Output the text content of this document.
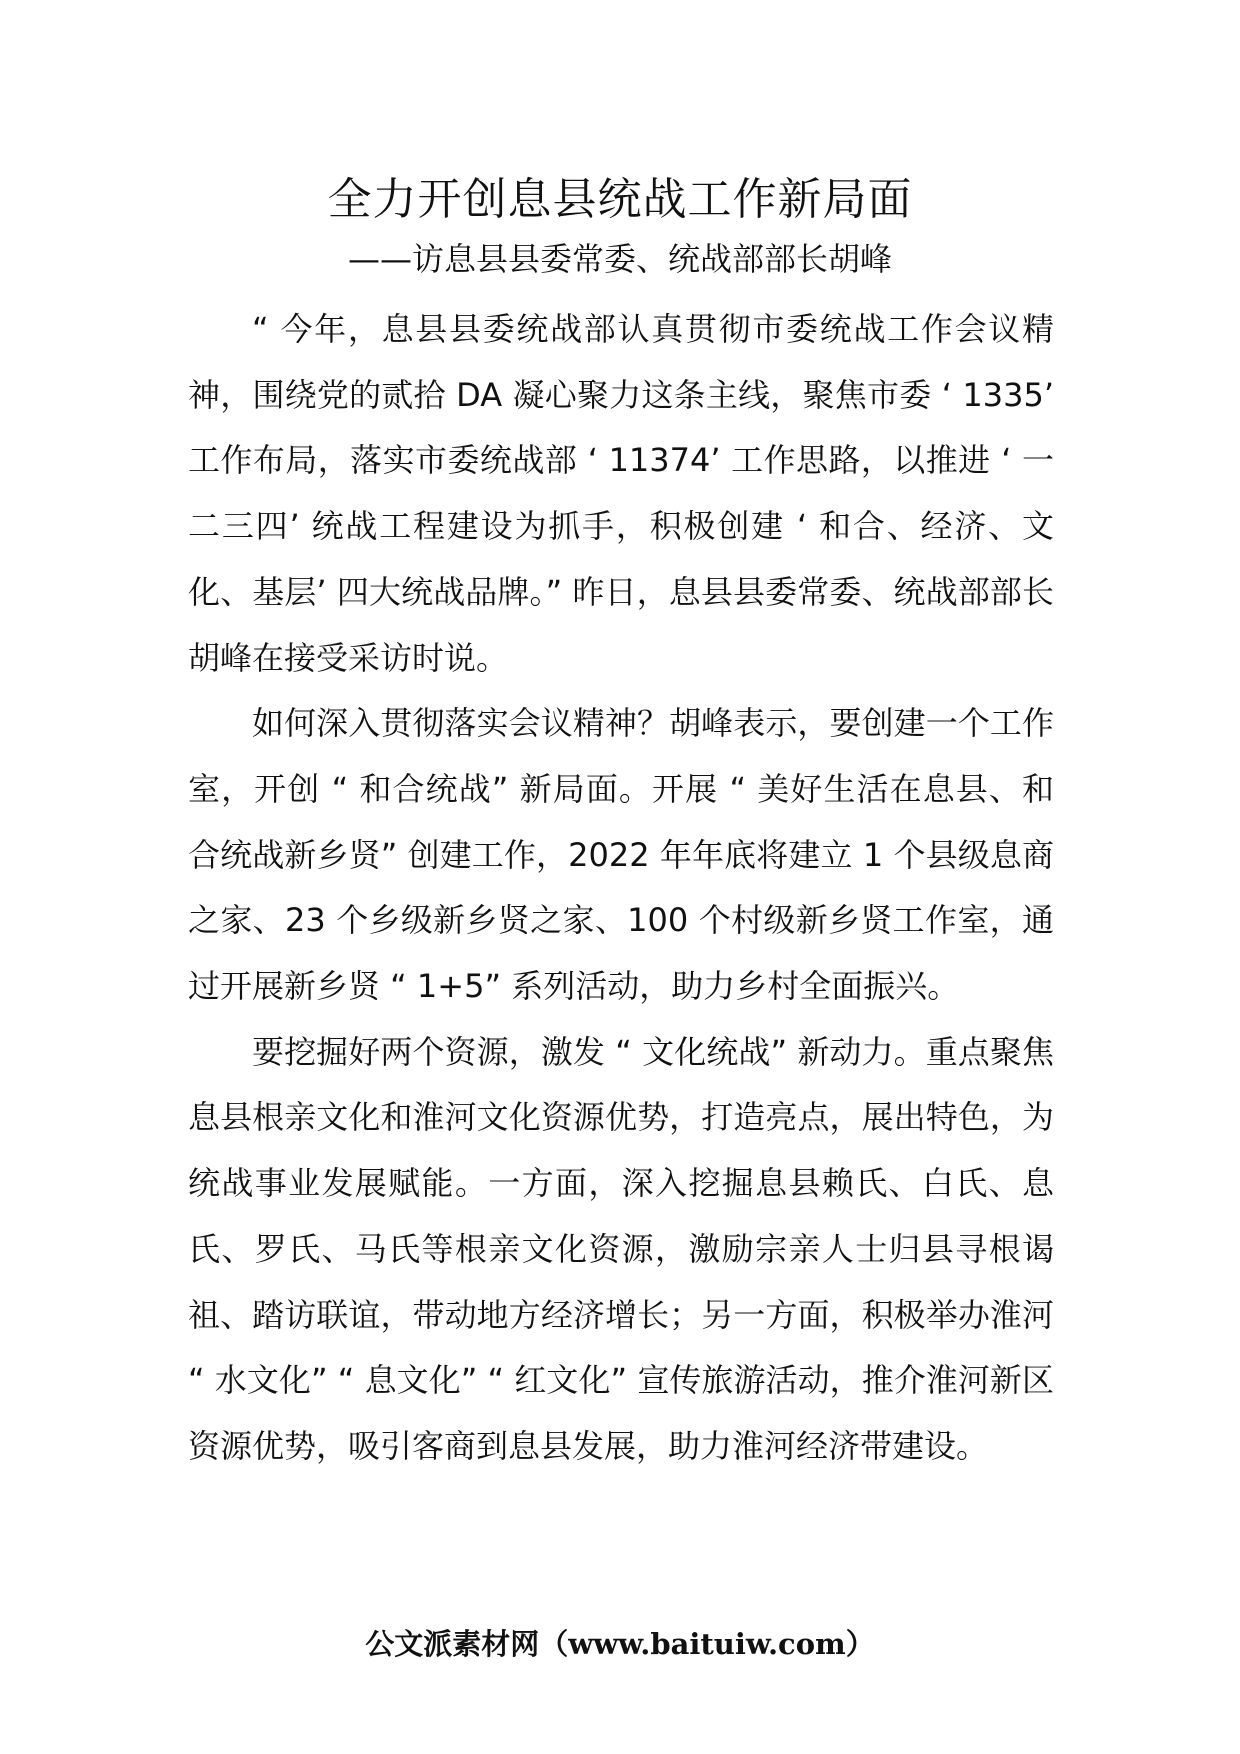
全力开创息县统战工作新局面
——访息县县委常委、统战部部长胡峰

“ 今年，息县县委统战部认真贯彻市委统战工作会议精神，围绕党的贰拾 DA 凝心聚力这条主线，聚焦市委 ‘ 1335’ 工作布局，落实市委统战部 ‘ 11374’ 工作思路，以推进 ‘ 一二三四’ 统战工程建设为抓手，积极创建 ‘ 和合、经济、文化、基层’ 四大统战品牌。” 昨日，息县县委常委、统战部部长胡峰在接受采访时说。

如何深入贯彻落实会议精神？胡峰表示，要创建一个工作室，开创 “ 和合统战” 新局面。开展 “ 美好生活在息县、和合统战新乡贤” 创建工作，2022 年年底将建立 1 个县级息商之家、23 个乡级新乡贤之家、100 个村级新乡贤工作室，通过开展新乡贤 “ 1+5” 系列活动，助力乡村全面振兴。

要挖掘好两个资源，激发 “ 文化统战” 新动力。重点聚焦息县根亲文化和淮河文化资源优势，打造亮点，展出特色，为统战事业发展赋能。一方面，深入挖掘息县赖氏、白氏、息氏、罗氏、马氏等根亲文化资源，激励宗亲人士归县寻根谒祖、踏访联谊，带动地方经济增长；另一方面，积极举办淮河 “ 水文化” “ 息文化” “ 红文化” 宣传旅游活动，推介淮河新区资源优势，吸引客商到息县发展，助力淮河经济带建设。

公文派素材网（www.baituiw.com）
